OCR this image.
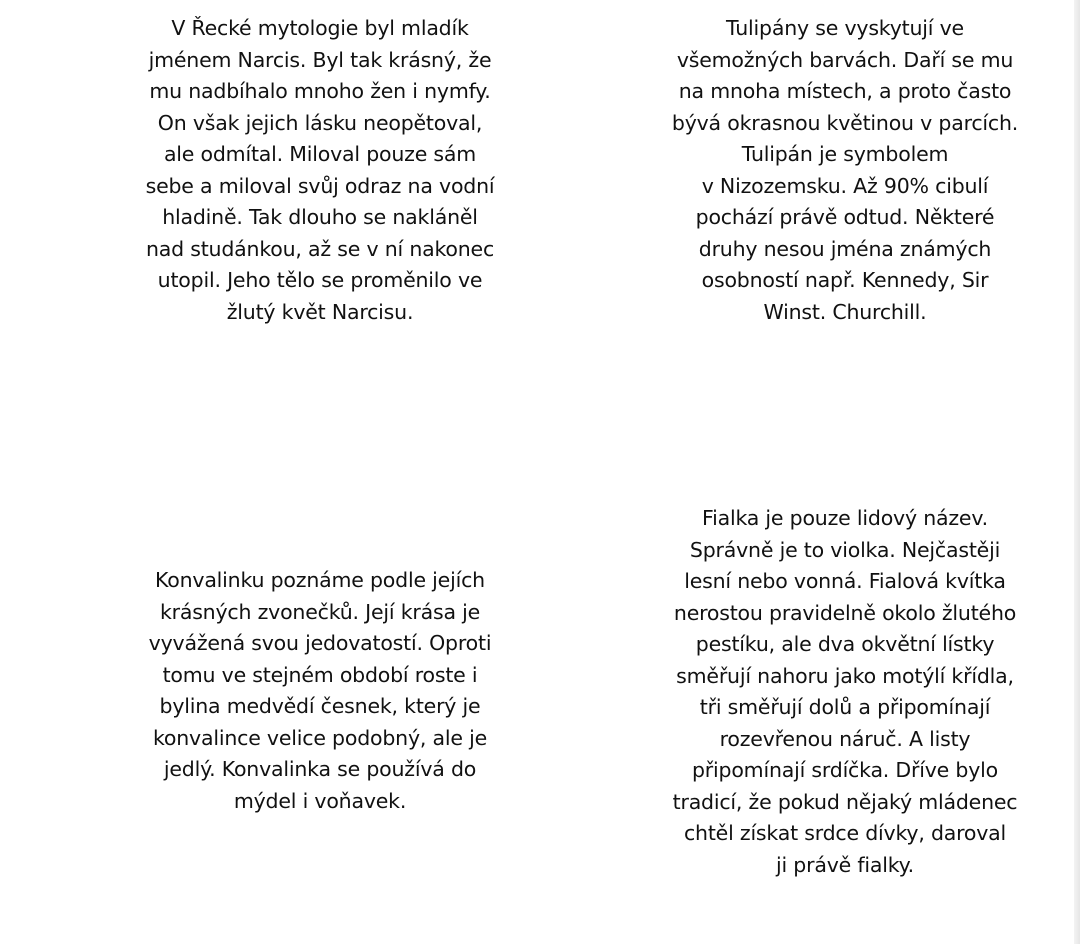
V Řecké mytologie byl mladík
jménem Narcis. Byl tak krásný, že
mu nadbíhalo mnoho žen i nymfy.
On však jejich lásku neopětoval,
ale odmítal. Miloval pouze sám
sebe a miloval svůj odraz na vodní
hladině. Tak dlouho se nakláněl
nad studánkou, až se v ní nakonec
utopil. Jeho tělo se proměnilo ve
žlutý květ Narcisu.
Tulipány se vyskytují ve
všemožných barvách. Daří se mu
na mnoha místech, a proto často
bývá okrasnou květinou v parcích.
Tulipán je symbolem
v Nizozemsku. Až 90% cibulí
pochází právě odtud. Některé
druhy nesou jména známých
osobností např. Kennedy, Sir
Winst. Churchill.
Konvalinku poznáme podle jejích
krásných zvonečků. Její krása je
vyvážená svou jedovatostí. Oproti
tomu ve stejném období roste i
bylina medvědí česnek, který je
konvalince velice podobný, ale je
jedlý. Konvalinka se používá do
mýdel i voňavek.
Fialka je pouze lidový název.
Správně je to violka. Nejčastěji
lesní nebo vonná. Fialová kvítka
nerostou pravidelně okolo žlutého
pestíku, ale dva okvětní lístky
směřují nahoru jako motýlí křídla,
tři směřují dolů a připomínají
rozevřenou náruč. A listy
připomínají srdíčka. Dříve bylo
tradicí, že pokud nějaký mládenec
chtěl získat srdce dívky, daroval
ji právě fialky.
